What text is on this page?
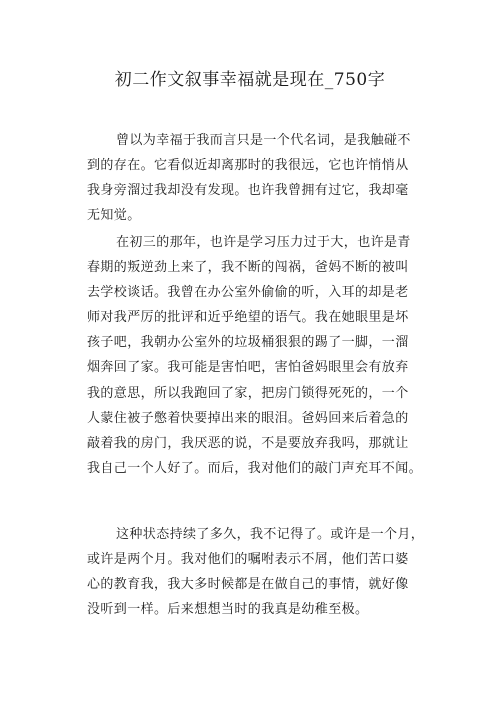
初二作文叙事幸福就是现在_750字
曾以为幸福于我而言只是一个代名词，是我触碰不
到的存在。它看似近却离那时的我很远，它也许悄悄从
我身旁溜过我却没有发现。也许我曾拥有过它，我却毫
无知觉。
在初三的那年，也许是学习压力过于大，也许是青
春期的叛逆劲上来了，我不断的闯祸，爸妈不断的被叫
去学校谈话。我曾在办公室外偷偷的听，入耳的却是老
师对我严厉的批评和近乎绝望的语气。我在她眼里是坏
孩子吧，我朝办公室外的垃圾桶狠狠的踢了一脚，一溜
烟奔回了家。我可能是害怕吧，害怕爸妈眼里会有放弃
我的意思，所以我跑回了家，把房门锁得死死的，一个
人蒙住被子憋着快要掉出来的眼泪。爸妈回来后着急的
敲着我的房门，我厌恶的说，不是要放弃我吗，那就让
我自己一个人好了。而后，我对他们的敲门声充耳不闻。
这种状态持续了多久，我不记得了。或许是一个月，
或许是两个月。我对他们的嘱咐表示不屑，他们苦口婆
心的教育我，我大多时候都是在做自己的事情，就好像
没听到一样。后来想想当时的我真是幼稚至极。
